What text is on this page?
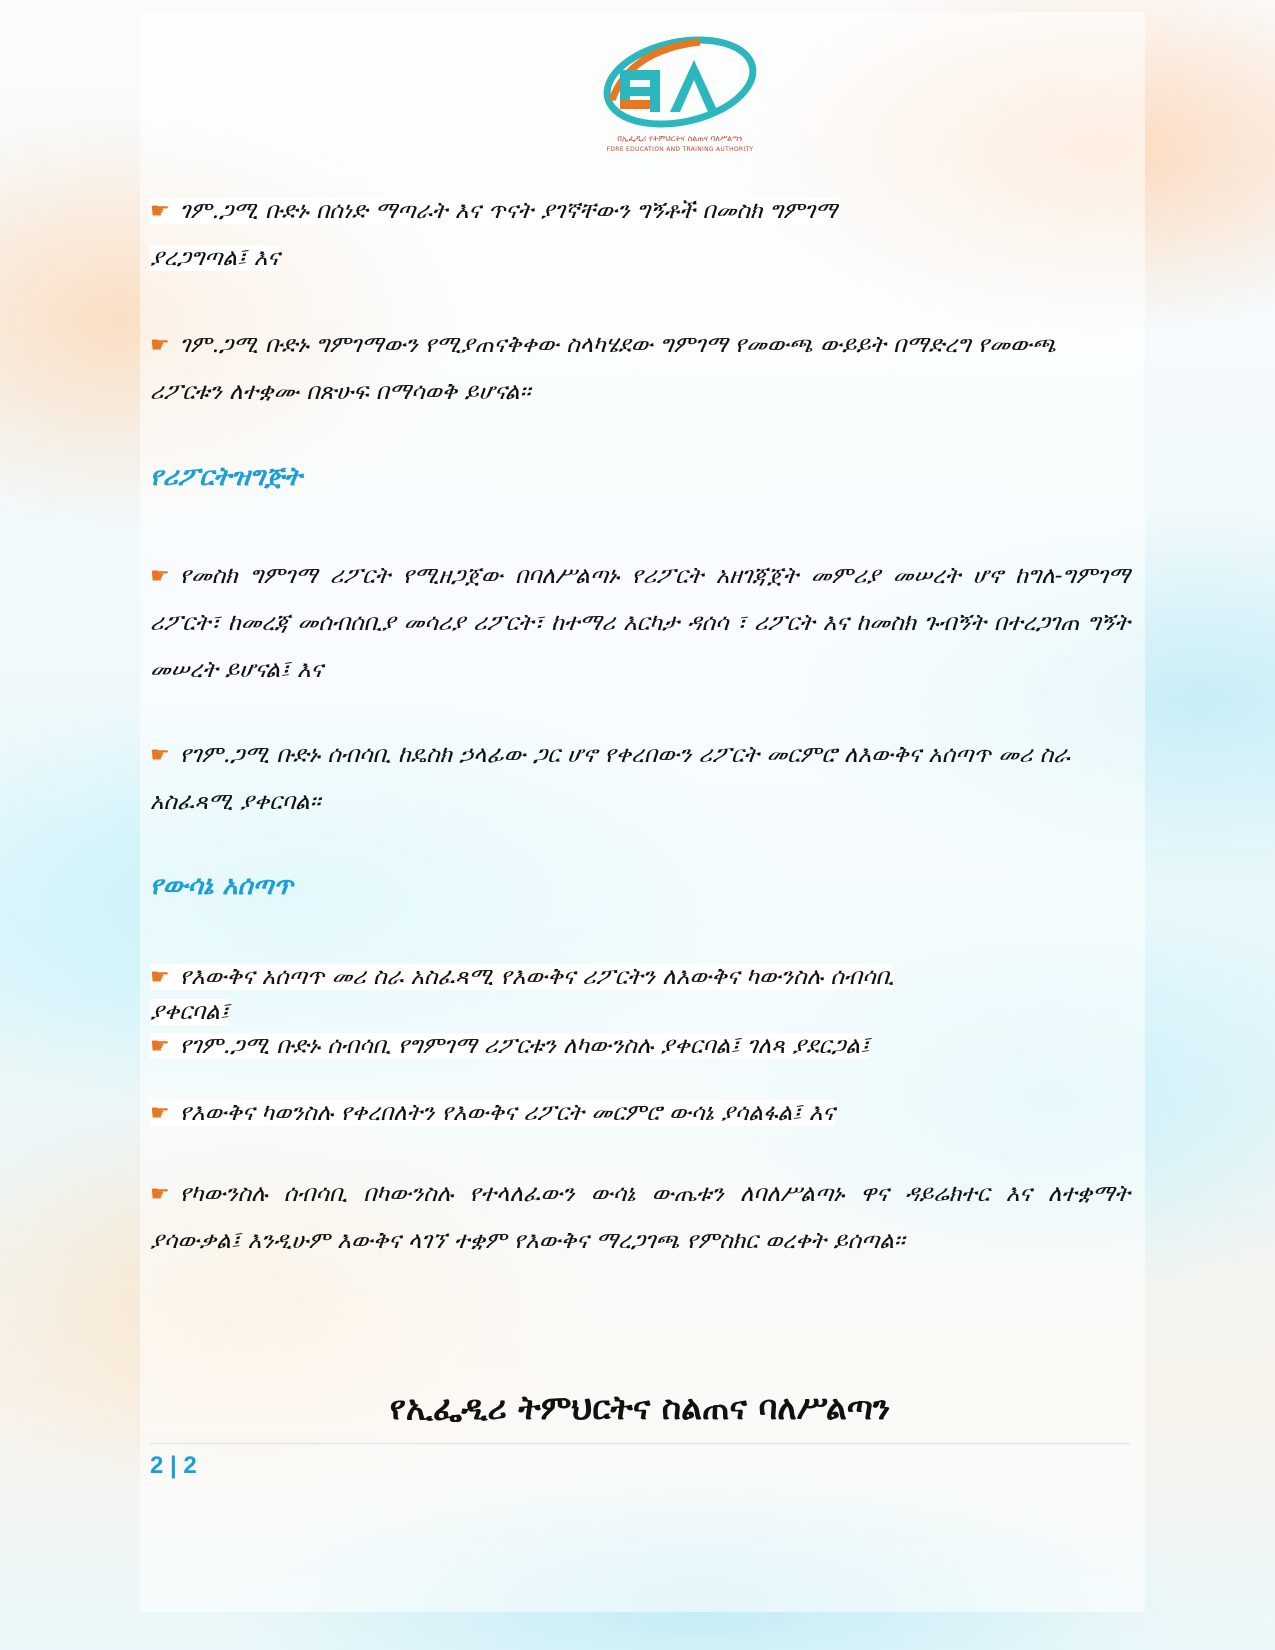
በኢፌዲሪ የትምህርትና ስልጠና ባለሥልጣን
FDRE EDUCATION AND TRAINING AUTHORITY
☛ ገም.ጋሚ ቡድኑ በሰነድ ማጣራት እና ጥናት ያገኛቸውን ግኝቶች በመስክ ግምገማ
ያረጋግጣል፤ እና
☛ ገም.ጋሚ ቡድኑ ግምገማውን የሚያጠናቅቀው ስላካሄደው ግምገማ የመውጫ ውይይት በማድረግ የመውጫ ሪፖርቱን ለተቋሙ በጽሁፍ በማሳወቅ ይሆናል፡፡
የሪፖርትዝግጅት
☛ የመስክ ግምገማ ሪፖርት የሚዘጋጀው በባለሥልጣኑ የሪፖርት አዘገጃጀት መምሪያ መሠረት ሆኖ ከግለ-ግምገማ ሪፖርት፣ ከመረጃ መሰብሰቢያ መሳሪያ ሪፖርት፣ ከተማሪ እርካታ ዳሰሳ ፣ ሪፖርት እና ከመስክ ጉብኝት በተረጋገጠ ግኝት መሠረት ይሆናል፤ እና
☛ የገም.ጋሚ ቡድኑ ሰብሳቢ ከዴስክ ኃላፊው ጋር ሆኖ የቀረበውን ሪፖርት መርምሮ ለእውቅና አሰጣጥ መሪ ስራ አስፈጻሚ ያቀርባል።
የውሳኔ አሰጣጥ
☛ የእውቅና አሰጣጥ መሪ ስራ አስፈጻሚ የእውቅና ሪፖርትን ለእውቅና ካውንስሉ ሰብሳቢ
ያቀርባል፤
☛ የገም.ጋሚ ቡድኑ ሰብሳቢ የግምገማ ሪፖርቱን ለካውንስሉ ያቀርባል፤ ገለጻ ያደርጋል፤
☛ የእውቅና ካወንስሉ የቀረበለትን የእውቅና ሪፖርት መርምሮ ውሳኔ ያሳልፋል፤ እና
☛ የካውንስሉ ሰብሳቢ በካውንስሉ የተላለፈውን ውሳኔ ውጤቱን ለባለሥልጣኑ ዋና ዳይሬክተር እና ለተቋማት ያሳውቃል፤ እንዲሁም እውቅና ላገኘ ተቋም የእውቅና ማረጋገጫ የምስክር ወረቀት ይሰጣል፡፡
የኢፌዲሪ ትምህርትና ስልጠና ባለሥልጣን
2 | 2
